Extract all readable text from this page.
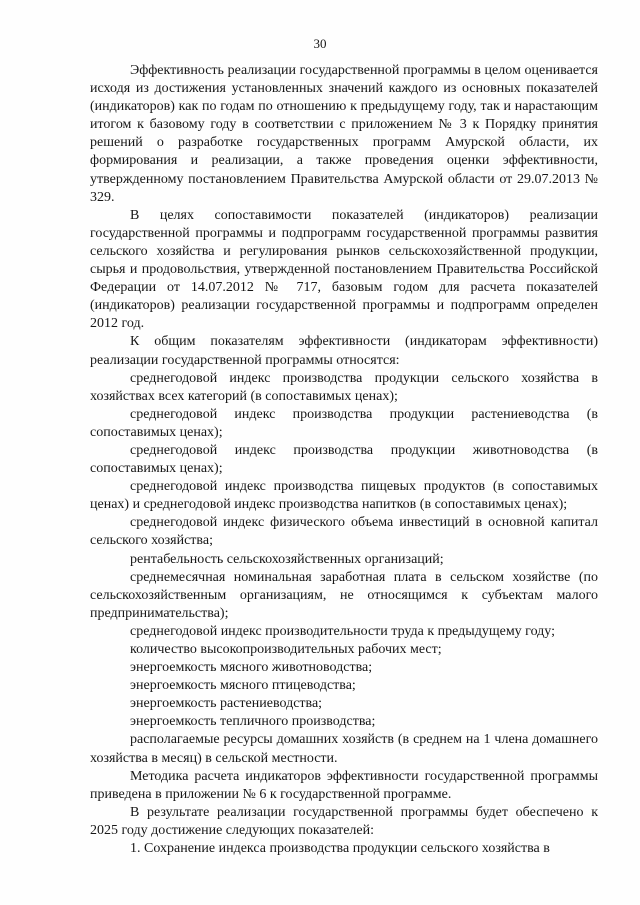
30

Эффективность реализации государственной программы в целом оценивается исходя из достижения установленных значений каждого из основных показателей (индикаторов) как по годам по отношению к предыдущему году, так и нарастающим итогом к базовому году в соответствии с приложением № 3 к Порядку принятия решений о разработке государственных программ Амурской области, их формирования и реализации, а также проведения оценки эффективности, утвержденному постановлением Правительства Амурской области от 29.07.2013 № 329.

В целях сопоставимости показателей (индикаторов) реализации государственной программы и подпрограмм государственной программы развития сельского хозяйства и регулирования рынков сельскохозяйственной продукции, сырья и продовольствия, утвержденной постановлением Правительства Российской Федерации от 14.07.2012 № 717, базовым годом для расчета показателей (индикаторов) реализации государственной программы и подпрограмм определен 2012 год.

К общим показателям эффективности (индикаторам эффективности) реализации государственной программы относятся:

среднегодовой индекс производства продукции сельского хозяйства в хозяйствах всех категорий (в сопоставимых ценах);

среднегодовой индекс производства продукции растениеводства (в сопоставимых ценах);

среднегодовой индекс производства продукции животноводства (в сопоставимых ценах);

среднегодовой индекс производства пищевых продуктов (в сопоставимых ценах) и среднегодовой индекс производства напитков (в сопоставимых ценах);

среднегодовой индекс физического объема инвестиций в основной капитал сельского хозяйства;

рентабельность сельскохозяйственных организаций;

среднемесячная номинальная заработная плата в сельском хозяйстве (по сельскохозяйственным организациям, не относящимся к субъектам малого предпринимательства);

среднегодовой индекс производительности труда к предыдущему году;

количество высокопроизводительных рабочих мест;

энергоемкость мясного животноводства;

энергоемкость мясного птицеводства;

энергоемкость растениеводства;

энергоемкость тепличного производства;

располагаемые ресурсы домашних хозяйств (в среднем на 1 члена домашнего хозяйства в месяц) в сельской местности.

Методика расчета индикаторов эффективности государственной программы приведена в приложении № 6 к государственной программе.

В результате реализации государственной программы будет обеспечено к 2025 году достижение следующих показателей:

1. Сохранение индекса производства продукции сельского хозяйства в
